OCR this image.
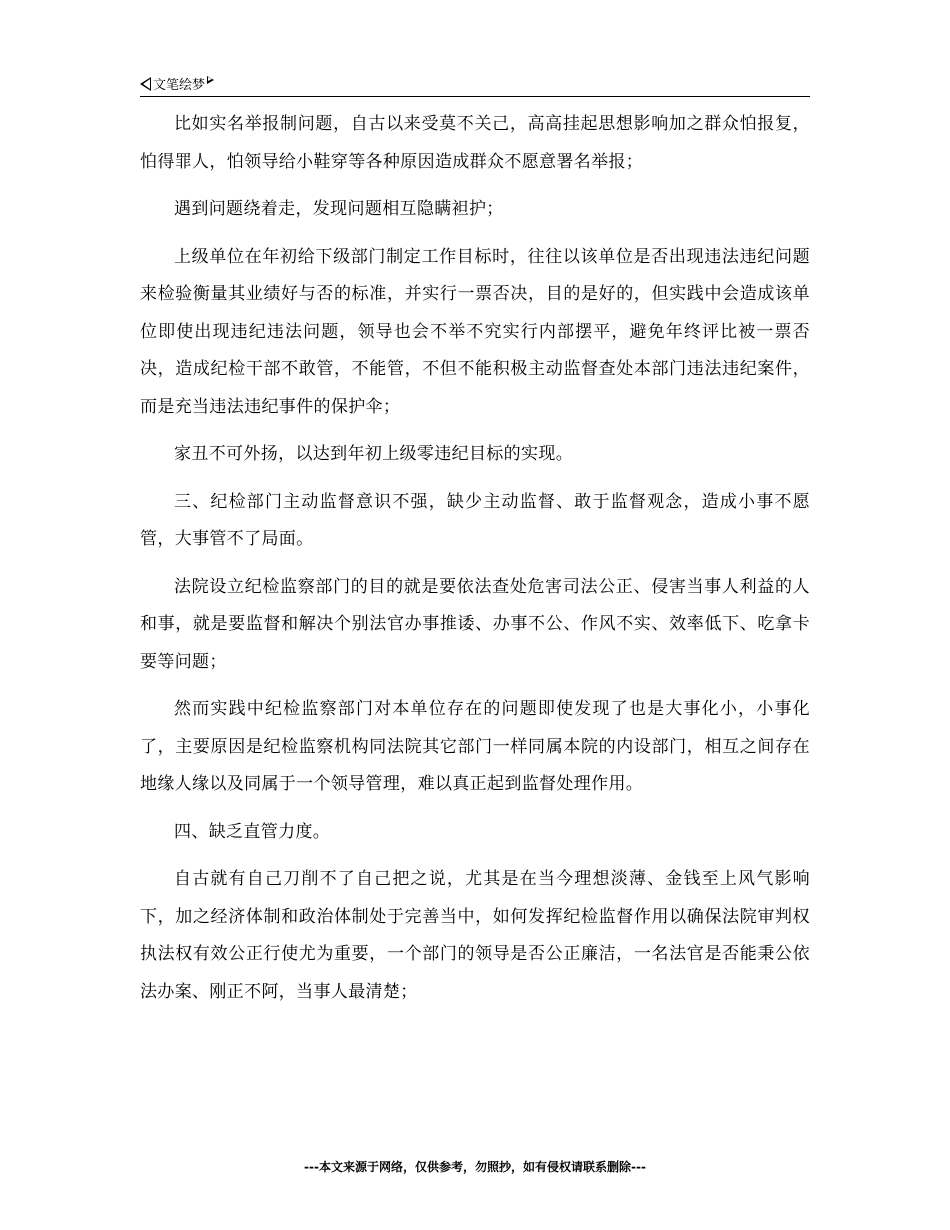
文笔绘梦

比如实名举报制问题，自古以来受莫不关己，高高挂起思想影响加之群众怕报复，怕得罪人，怕领导给小鞋穿等各种原因造成群众不愿意署名举报；

遇到问题绕着走，发现问题相互隐瞒袒护；

上级单位在年初给下级部门制定工作目标时，往往以该单位是否出现违法违纪问题来检验衡量其业绩好与否的标准，并实行一票否决，目的是好的，但实践中会造成该单位即使出现违纪违法问题，领导也会不举不究实行内部摆平，避免年终评比被一票否决，造成纪检干部不敢管，不能管，不但不能积极主动监督查处本部门违法违纪案件，而是充当违法违纪事件的保护伞；

家丑不可外扬，以达到年初上级零违纪目标的实现。

三、纪检部门主动监督意识不强，缺少主动监督、敢于监督观念，造成小事不愿管，大事管不了局面。

法院设立纪检监察部门的目的就是要依法查处危害司法公正、侵害当事人利益的人和事，就是要监督和解决个别法官办事推诿、办事不公、作风不实、效率低下、吃拿卡要等问题；

然而实践中纪检监察部门对本单位存在的问题即使发现了也是大事化小，小事化了，主要原因是纪检监察机构同法院其它部门一样同属本院的内设部门，相互之间存在地缘人缘以及同属于一个领导管理，难以真正起到监督处理作用。

四、缺乏直管力度。

自古就有自己刀削不了自己把之说，尤其是在当今理想淡薄、金钱至上风气影响下，加之经济体制和政治体制处于完善当中，如何发挥纪检监督作用以确保法院审判权执法权有效公正行使尤为重要，一个部门的领导是否公正廉洁，一名法官是否能秉公依法办案、刚正不阿，当事人最清楚；

---本文来源于网络，仅供参考，勿照抄，如有侵权请联系删除---
